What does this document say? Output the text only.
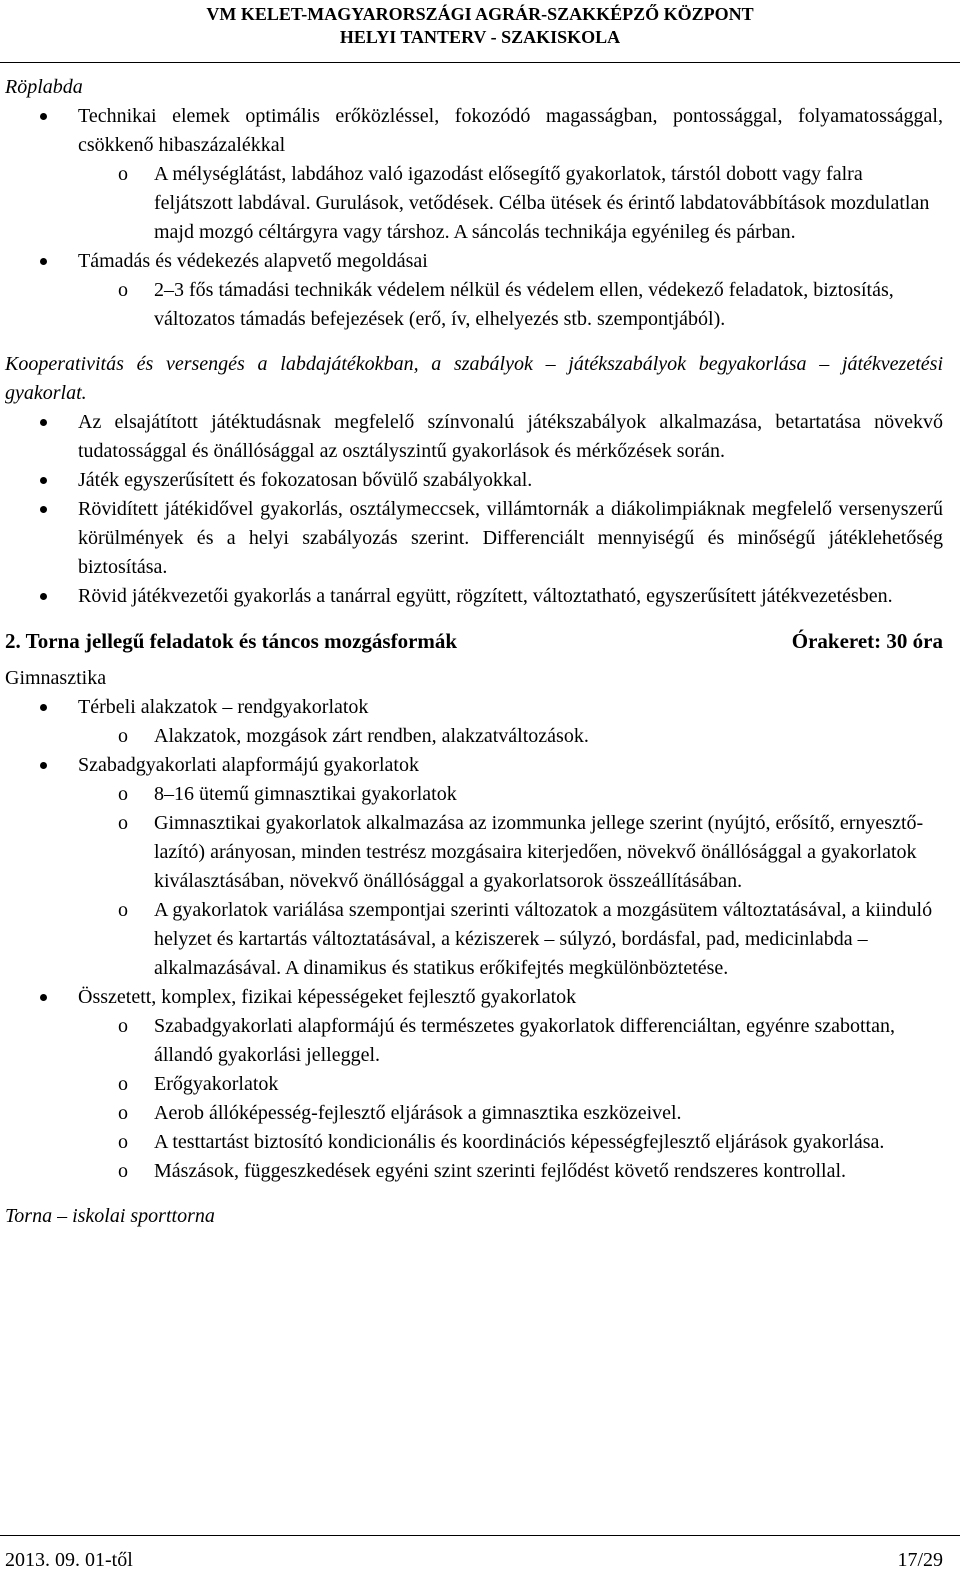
VM KELET-MAGYARORSZÁGI AGRÁR-SZAKKÉPZŐ KÖZPONT
HELYI TANTERV - SZAKISKOLA
Röplabda
Technikai elemek optimális erőközléssel, fokozódó magasságban, pontossággal, folyamatossággal, csökkenő hibaszázalékkal
o A mélységlátást, labdához való igazodást elősegítő gyakorlatok, társtól dobott vagy falra feljátszott labdával. Gurulások, vetődések. Célba ütések és érintő labdatovábbítások mozdulatlan majd mozgó céltárgyra vagy társhoz. A sáncolás technikája egyénileg és párban.
Támadás és védekezés alapvető megoldásai
o 2‒3 fős támadási technikák védelem nélkül és védelem ellen, védekező feladatok, biztosítás, változatos támadás befejezések (erő, ív, elhelyezés stb. szempontjából).
Kooperativitás és versengés a labdajátékokban, a szabályok ‒ játékszabályok begyakorlása ‒ játékvezetési gyakorlat.
Az elsajátított játéktudásnak megfelelő színvonalú játékszabályok alkalmazása, betartatása növekvő tudatossággal és önállósággal az osztályszintű gyakorlások és mérkőzések során.
Játék egyszerűsített és fokozatosan bővülő szabályokkal.
Rövidített játékidővel gyakorlás, osztálymeccsek, villámtornák a diákolimpiáknak megfelelő versenyszerű körülmények és a helyi szabályozás szerint. Differenciált mennyiségű és minőségű játéklehetőség biztosítása.
Rövid játékvezetői gyakorlás a tanárral együtt, rögzített, változtatható, egyszerűsített játékvezetésben.
2. Torna jellegű feladatok és táncos mozgásformák	Órakeret: 30 óra
Gimnasztika
Térbeli alakzatok ‒ rendgyakorlatok
o Alakzatok, mozgások zárt rendben, alakzatváltozások.
Szabadgyakorlati alapformájú gyakorlatok
o 8‒16 ütemű gimnasztikai gyakorlatok
o Gimnasztikai gyakorlatok alkalmazása az izommunka jellege szerint (nyújtó, erősítő, ernyesztő-lazító) arányosan, minden testrész mozgásaira kiterjedően, növekvő önállósággal a gyakorlatok kiválasztásában, növekvő önállósággal a gyakorlatsorok összeállításában.
o A gyakorlatok variálása szempontjai szerinti változatok a mozgásütem változtatásával, a kiinduló helyzet és kartartás változtatásával, a kéziszerek ‒ súlyzó, bordásfal, pad, medicinlabda ‒ alkalmazásával. A dinamikus és statikus erőkifejtés megkülönböztetése.
Összetett, komplex, fizikai képességeket fejlesztő gyakorlatok
o Szabadgyakorlati alapformájú és természetes gyakorlatok differenciáltan, egyénre szabottan, állandó gyakorlási jelleggel.
o Erőgyakorlatok
o Aerob állóképesség-fejlesztő eljárások a gimnasztika eszközeivel.
o A testtartást biztosító kondicionális és koordinációs képességfejlesztő eljárások gyakorlása.
o Mászások, függeszkedések egyéni szint szerinti fejlődést követő rendszeres kontrollal.
Torna ‒ iskolai sporttorna
2013. 09. 01-től	17/29
